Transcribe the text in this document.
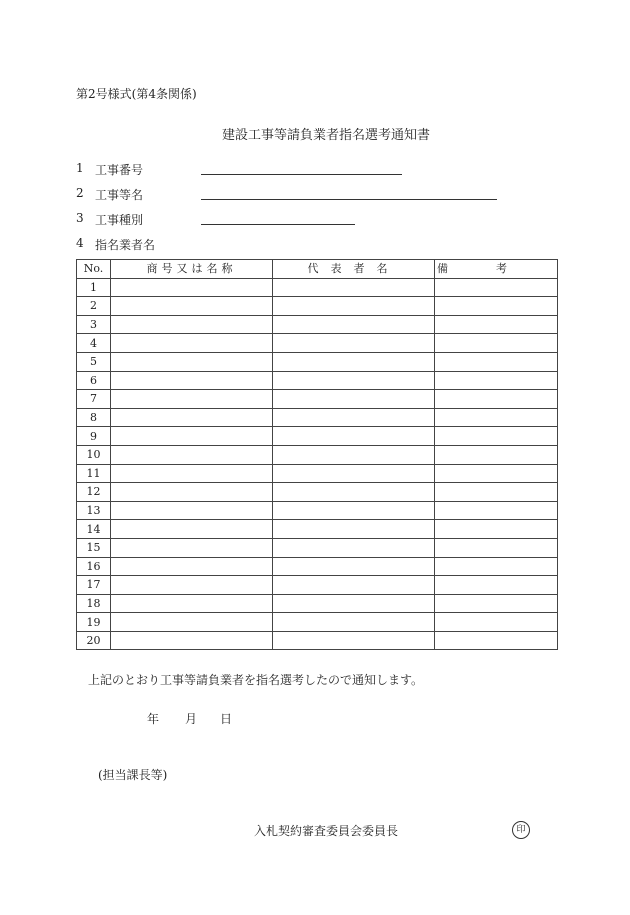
第2号様式(第4条関係)
建設工事等請負業者指名選考通知書
1 工事番号
2 工事等名
3 工事種別
4 指名業者名
No.	商号又は名称	代表者名	備考
1			
2			
3			
4			
5			
6			
7			
8			
9			
10			
11			
12			
13			
14			
15			
16			
17			
18			
19			
20			
上記のとおり工事等請負業者を指名選考したので通知します。
年 月 日
(担当課長等)
入札契約審査委員会委員長	印
